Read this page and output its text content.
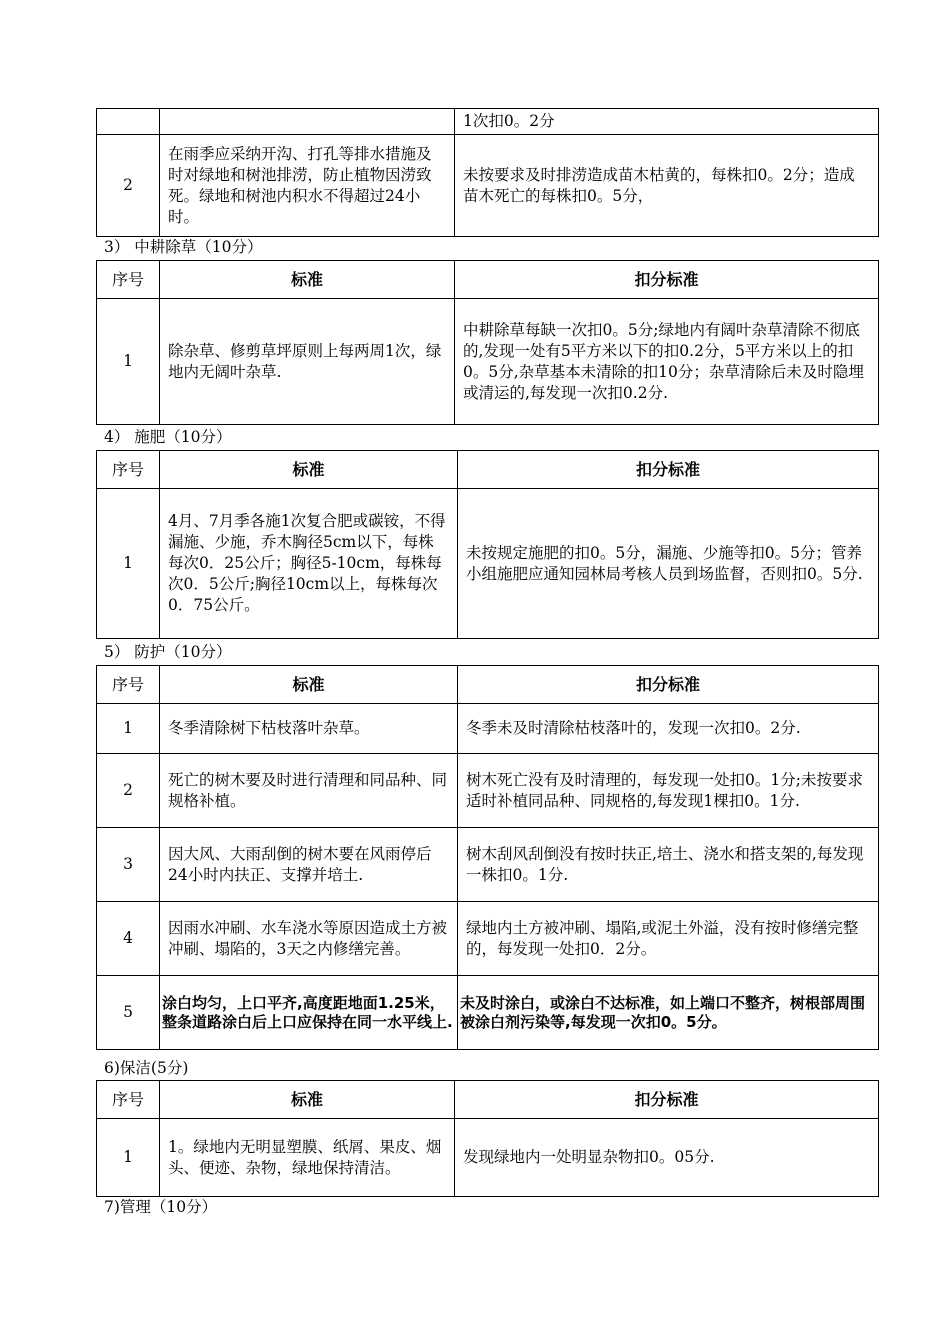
		1次扣0。2分
2	在雨季应采纳开沟、打孔等排水措施及时对绿地和树池排涝，防止植物因涝致死。绿地和树池内积水不得超过24小时。	未按要求及时排涝造成苗木枯黄的，每株扣0。2分；造成苗木死亡的每株扣0。5分，
3） 中耕除草（10分）
序号	标准	扣分标准
1	除杂草、修剪草坪原则上每两周1次，绿地内无阔叶杂草.	中耕除草每缺一次扣0。5分;绿地内有阔叶杂草清除不彻底的,发现一处有5平方米以下的扣0.2分，5平方米以上的扣0。5分,杂草基本未清除的扣10分；杂草清除后未及时隐埋或清运的,每发现一次扣0.2分.
4） 施肥（10分）
序号	标准	扣分标准
1	4月、7月季各施1次复合肥或碳铵，不得漏施、少施，乔木胸径5cm以下，每株每次0．25公斤；胸径5-10cm，每株每次0．5公斤;胸径10cm以上，每株每次0．75公斤。	未按规定施肥的扣0。5分，漏施、少施等扣0。5分；管养小组施肥应通知园林局考核人员到场监督，否则扣0。5分.
5） 防护（10分）
序号	标准	扣分标准
1	冬季清除树下枯枝落叶杂草。	冬季未及时清除枯枝落叶的，发现一次扣0。2分.
2	死亡的树木要及时进行清理和同品种、同规格补植。	树木死亡没有及时清理的，每发现一处扣0。1分;未按要求适时补植同品种、同规格的,每发现1棵扣0。1分.
3	因大风、大雨刮倒的树木要在风雨停后24小时内扶正、支撑并培土.	树木刮风刮倒没有按时扶正,培土、浇水和搭支架的,每发现一株扣0。1分.
4	因雨水冲刷、水车浇水等原因造成土方被冲刷、塌陷的，3天之内修缮完善。	绿地内土方被冲刷、塌陷,或泥土外溢，没有按时修缮完整的，每发现一处扣0．2分。
5	涂白均匀，上口平齐,高度距地面1.25米，整条道路涂白后上口应保持在同一水平线上.	未及时涂白，或涂白不达标准，如上端口不整齐，树根部周围被涂白剂污染等,每发现一次扣0。5分。
6)保洁(5分)
序号	标准	扣分标准
1	1。绿地内无明显塑膜、纸屑、果皮、烟头、便迹、杂物，绿地保持清洁。	发现绿地内一处明显杂物扣0。05分.
7)管理（10分）
